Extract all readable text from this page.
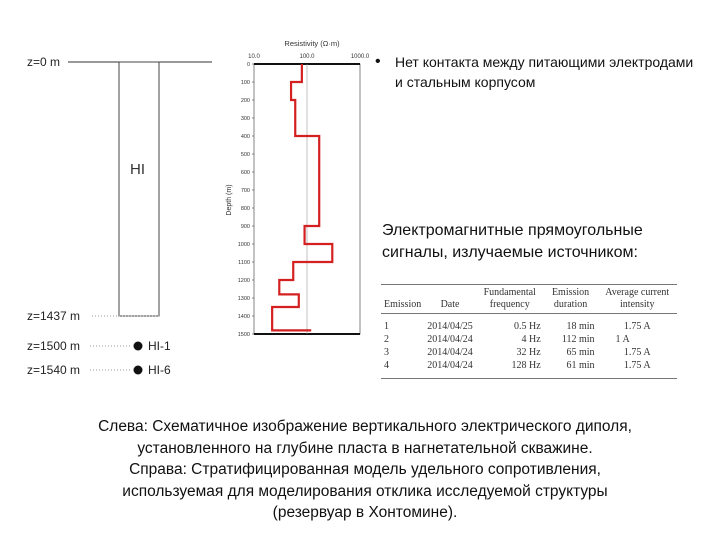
z=0 m
HI
z=1437 m
z=1500 m	HI-1
z=1540 m	HI-6
Resistivity (Ω·m)
Depth (m)
10.0	100.0	1000.0
0
100
200
300
400
500
600
700
800
900
1000
1100
1200
1300
1400
1500
• Нет контакта между питающими электродами и стальным корпусом
Электромагнитные прямоугольные сигналы, излучаемые источником:
Emission	Date	Fundamental frequency	Emission duration	Average current intensity
1	2014/04/25	0.5 Hz	18 min	1.75 A
2	2014/04/24	4 Hz	112 min	1 A
3	2014/04/24	32 Hz	65 min	1.75 A
4	2014/04/24	128 Hz	61 min	1.75 A
Слева: Схематичное изображение вертикального электрического диполя,
установленного на глубине пласта в нагнетательной скважине.
Справа: Стратифицированная модель удельного сопротивления,
используемая для моделирования отклика исследуемой структуры
(резервуар в Хонтомине).
